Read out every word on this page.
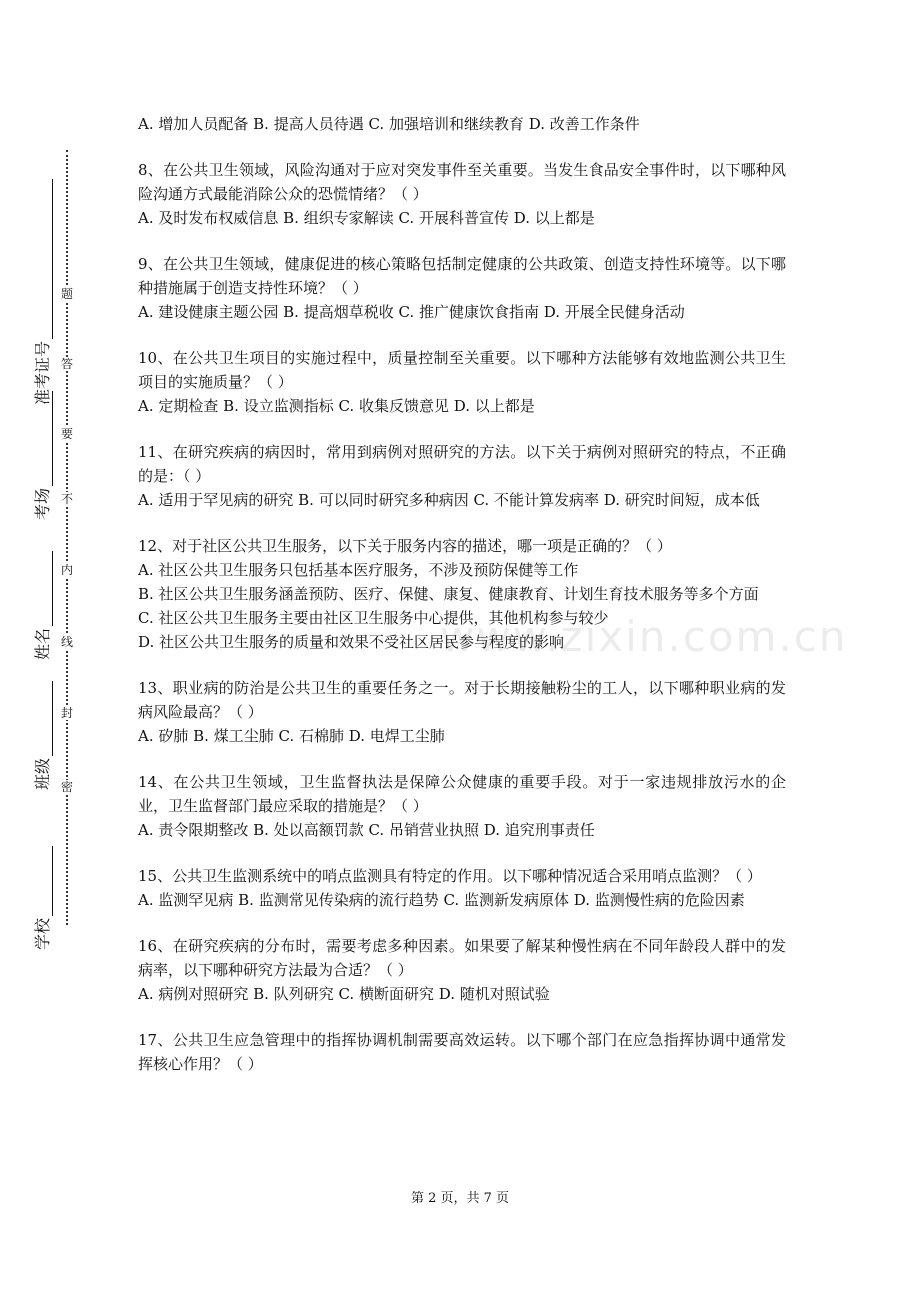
学校
班级
姓名
考场
准考证号
密
封
线
内
不
要
答
题
www.zixin.com.cn

A. 增加人员配备 B. 提高人员待遇 C. 加强培训和继续教育 D. 改善工作条件

8、在公共卫生领域，风险沟通对于应对突发事件至关重要。当发生食品安全事件时，以下哪种风险沟通方式最能消除公众的恐慌情绪？（ ）

A. 及时发布权威信息 B. 组织专家解读 C. 开展科普宣传 D. 以上都是

9、在公共卫生领域，健康促进的核心策略包括制定健康的公共政策、创造支持性环境等。以下哪种措施属于创造支持性环境？（ ）

A. 建设健康主题公园 B. 提高烟草税收 C. 推广健康饮食指南 D. 开展全民健身活动

10、在公共卫生项目的实施过程中，质量控制至关重要。以下哪种方法能够有效地监测公共卫生项目的实施质量？（ ）

A. 定期检查 B. 设立监测指标 C. 收集反馈意见 D. 以上都是

11、在研究疾病的病因时，常用到病例对照研究的方法。以下关于病例对照研究的特点，不正确的是：（ ）

A. 适用于罕见病的研究 B. 可以同时研究多种病因 C. 不能计算发病率 D. 研究时间短，成本低

12、对于社区公共卫生服务，以下关于服务内容的描述，哪一项是正确的？（ ）

A. 社区公共卫生服务只包括基本医疗服务，不涉及预防保健等工作

B. 社区公共卫生服务涵盖预防、医疗、保健、康复、健康教育、计划生育技术服务等多个方面

C. 社区公共卫生服务主要由社区卫生服务中心提供，其他机构参与较少

D. 社区公共卫生服务的质量和效果不受社区居民参与程度的影响

13、职业病的防治是公共卫生的重要任务之一。对于长期接触粉尘的工人，以下哪种职业病的发病风险最高？（ ）

A. 矽肺 B. 煤工尘肺 C. 石棉肺 D. 电焊工尘肺

14、在公共卫生领域，卫生监督执法是保障公众健康的重要手段。对于一家违规排放污水的企业，卫生监督部门最应采取的措施是？（ ）

A. 责令限期整改 B. 处以高额罚款 C. 吊销营业执照 D. 追究刑事责任

15、公共卫生监测系统中的哨点监测具有特定的作用。以下哪种情况适合采用哨点监测？（ ）

A. 监测罕见病 B. 监测常见传染病的流行趋势 C. 监测新发病原体 D. 监测慢性病的危险因素

16、在研究疾病的分布时，需要考虑多种因素。如果要了解某种慢性病在不同年龄段人群中的发病率，以下哪种研究方法最为合适？（ ）

A. 病例对照研究 B. 队列研究 C. 横断面研究 D. 随机对照试验

17、公共卫生应急管理中的指挥协调机制需要高效运转。以下哪个部门在应急指挥协调中通常发挥核心作用？（ ）

第 2 页，共 7 页
